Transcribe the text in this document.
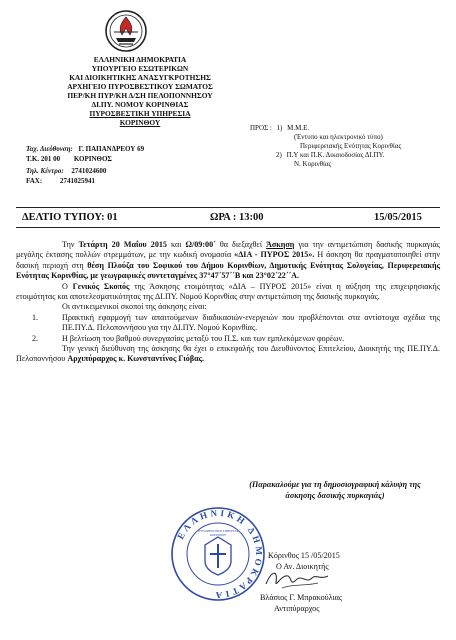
ΕΛΛΗΝΙΚΗ ΔΗΜΟΚΡΑΤΙΑ
ΥΠΟΥΡΓΕΙΟ ΕΣΩΤΕΡΙΚΩΝ
ΚΑΙ ΔΙΟΙΚΗΤΙΚΗΣ ΑΝΑΣΥΓΚΡΟΤΗΣΗΣ
ΑΡΧΗΓΕΙΟ ΠΥΡΟΣΒΕΣΤΙΚΟΥ ΣΩΜΑΤΟΣ
ΠΕΡ/ΚΗ ΠΥΡ/ΚΗ Δ/ΣΗ ΠΕΛΟΠΟΝΝΗΣΟΥ
ΔΙ.ΠΥ. ΝΟΜΟΥ ΚΟΡΙΝΘΙΑΣ
ΠΥΡΟΣΒΕΣΤΙΚΗ ΥΠΗΡΕΣΙΑ
ΚΟΡΙΝΘΟΥ
Ταχ. Διεύθυνση: Γ. ΠΑΠΑΝΔΡΕΟΥ 69
Τ.Κ. 201 00 ΚΟΡΙΝΘΟΣ
Τηλ. Κέντρο: 2741024600
FAX:	2741025941
ΠΡΟΣ : 1) Μ.Μ.Ε.
(Έντυπο και ηλεκτρονικό τύπο)
Περιφερειακής Ενότητας Κορινθίας
2) Π.Υ και Π.Κ. Δικαιοδοσίας ΔΙ.ΠΥ.
Ν. Κορινθίας
ΔΕΛΤΙΟ ΤΥΠΟΥ: 01	ΩΡΑ : 13:00	15/05/2015

Την Τετάρτη 20 Μαΐου 2015 και Ω/09:00΄ θα διεξαχθεί Άσκηση για την αντιμετώπιση δασικής πυρκαγιάς μεγάλης έκτασης πολλών στρεμμάτων, με την κωδική ονομασία «ΔΙΑ - ΠΥΡΟΣ 2015». Η άσκηση θα πραγματοποιηθεί στην δασική περιοχή στη θέση Πλούζα του Σοφικού του Δήμου Κορινθίων, Δημοτικής Ενότητας Σολυγείας, Περιφερειακής Ενότητας Κορινθίας, με γεωγραφικές συντεταγμένες 37°47΄57΄΄Β και 23°02΄22΄΄Α.

Ο Γενικός Σκοπός της Άσκησης ετοιμότητας «ΔΙΑ – ΠΥΡΟΣ 2015» είναι η αύξηση της επιχειρησιακής ετοιμότητας και αποτελεσματικότητας της ΔΙ.ΠΥ. Νομού Κορινθίας στην αντιμετώπιση της δασικής πυρκαγιάς.

Οι αντικειμενικοί σκοποί της άσκησης είναι:

1.	Πρακτική εφαρμογή των απαιτούμενων διαδικασιών-ενεργειών που προβλέπονται στα αντίστοιχα σχέδια της ΠΕ.ΠΥ.Δ. Πελοποννήσου για την ΔΙ.ΠΥ. Νομού Κορινθίας.

2.	Η βελτίωση του βαθμού συνεργασίας μεταξύ του Π.Σ. και των εμπλεκόμενων φορέων.

Την γενική διεύθυνση της άσκησης θα έχει ο επικεφαλής του Διευθύνοντος Επιτελείου, Διοικητής της ΠΕ.ΠΥ.Δ. Πελοποννήσου Αρχιπύραρχος κ. Κωνσταντίνος Γιόβας.

(Παρακαλούμε για τη δημοσιογραφική κάλυψη της
άσκησης δασικής πυρκαγιάς)
ΕΛΛΗΝΙΚΗ ΔΗΜΟΚΡΑΤΙΑ
ΠΥΡΟΣΒΕΣΤΙΚΗ ΥΠΗΡΕΣΙΑ ΚΟΡΙΝΘΟΥ
Κόρινθος 15 /05/2015
Ο Αν. Διοικητής
Βλάσιος Γ. Μπρακούλιας
Αντιπύραρχος
